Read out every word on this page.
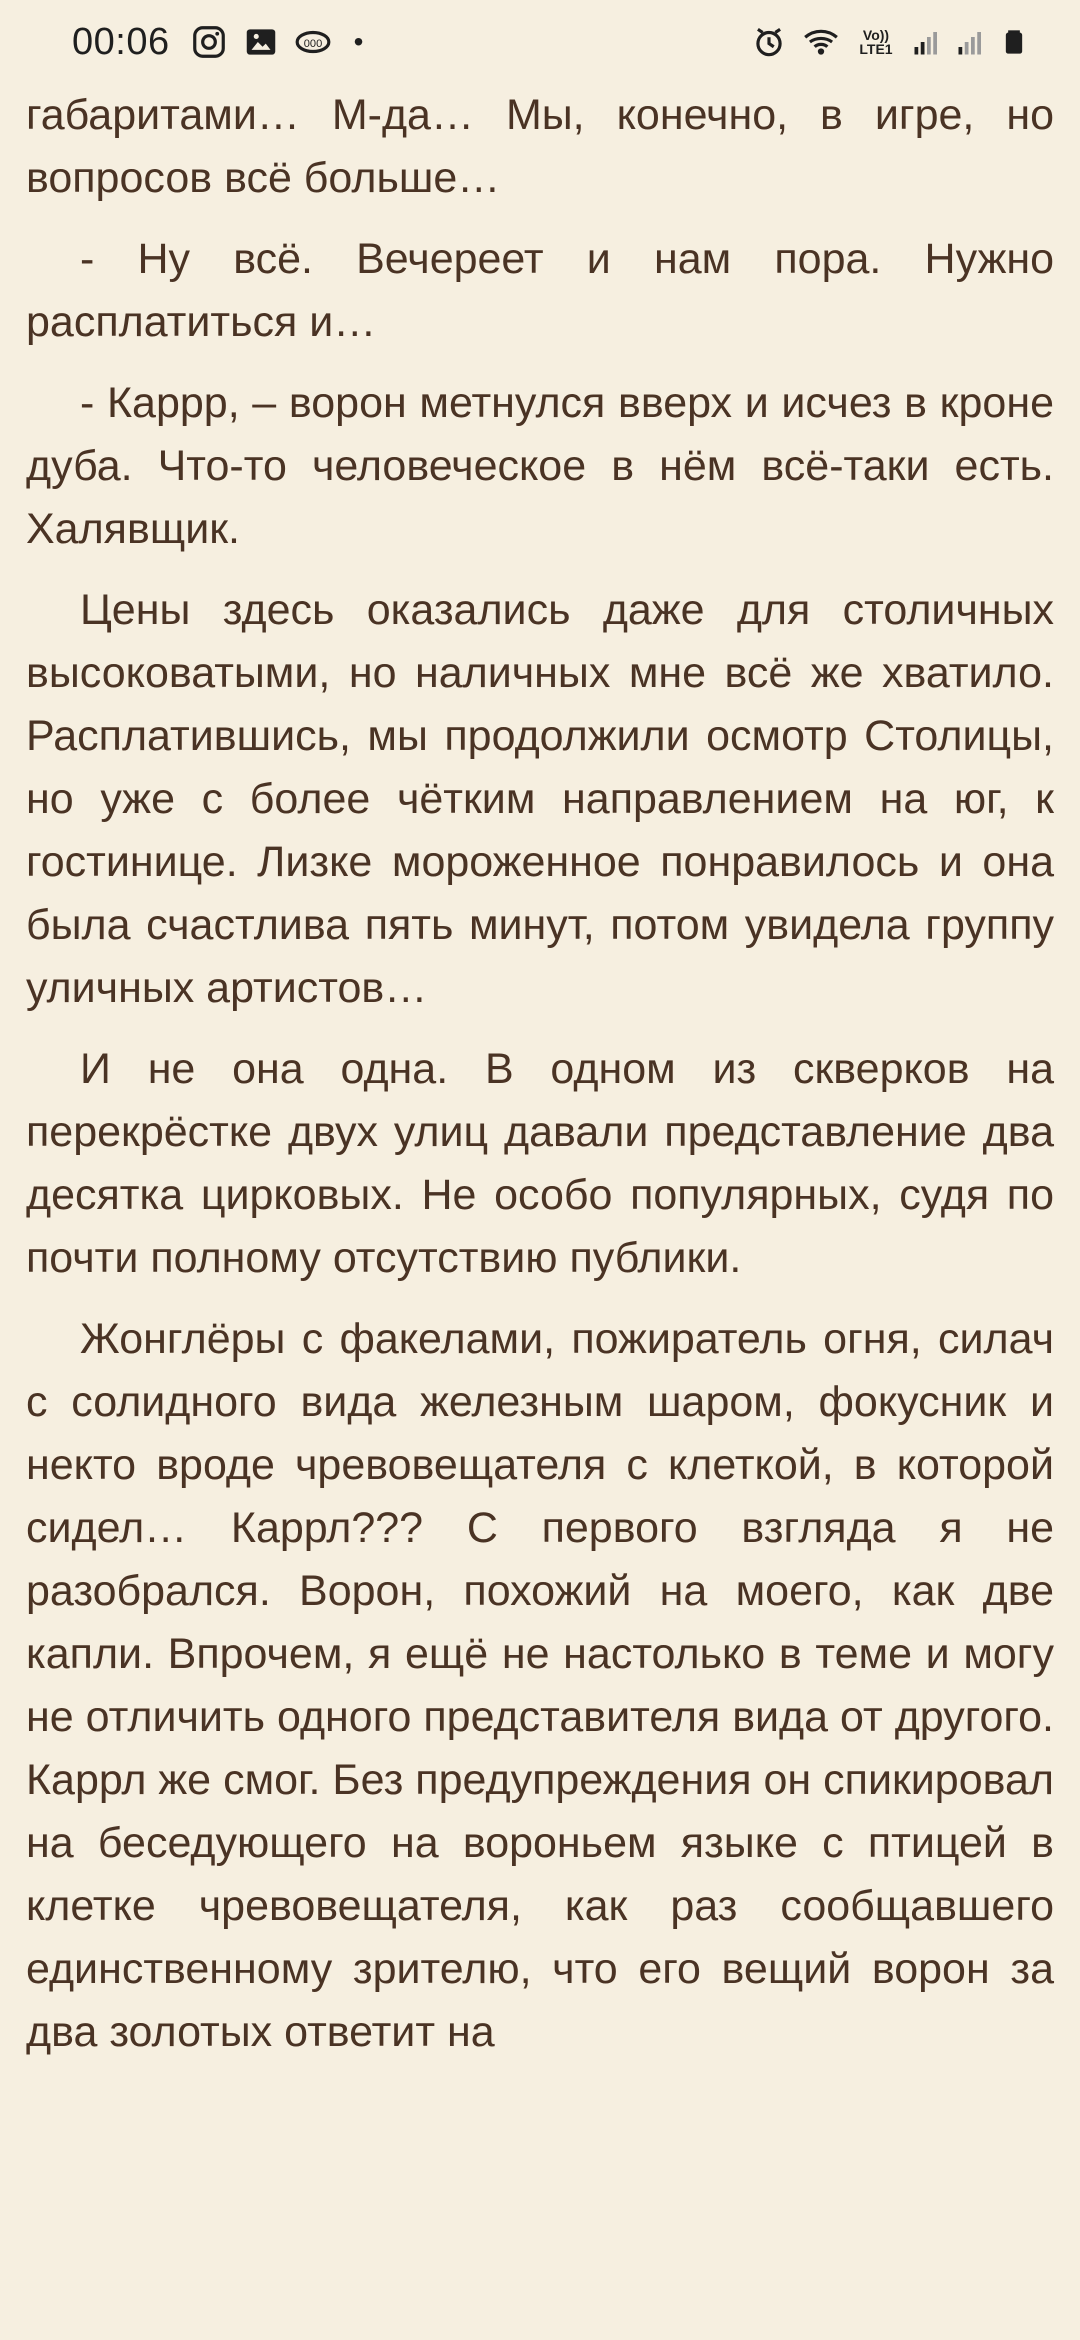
00:06	000 •	Vo))
LTE1

габаритами… М-да… Мы, конечно, в игре, но вопросов всё больше…

- Ну всё. Вечереет и нам пора. Нужно расплатиться и…

- Каррр, – ворон метнулся вверх и исчез в кроне дуба. Что-то человеческое в нём всё-таки есть. Халявщик.

Цены здесь оказались даже для столичных высоковатыми, но наличных мне всё же хватило. Расплатившись, мы продолжили осмотр Столицы, но уже с более чётким направлением на юг, к гостинице. Лизке мороженное понравилось и она была счастлива пять минут, потом увидела группу уличных артистов…

И не она одна. В одном из скверков на перекрёстке двух улиц давали представление два десятка цирковых. Не особо популярных, судя по почти полному отсутствию публики.

Жонглёры с факелами, пожиратель огня, силач с солидного вида железным шаром, фокусник и некто вроде чревовещателя с клеткой, в которой сидел… Каррл??? С первого взгляда я не разобрался. Ворон, похожий на моего, как две капли. Впрочем, я ещё не настолько в теме и могу не отличить одного представителя вида от другого. Каррл же смог. Без предупреждения он спикировал на беседующего на вороньем языке с птицей в клетке чревовещателя, как раз сообщавшего единственному зрителю, что его вещий ворон за два золотых ответит на
